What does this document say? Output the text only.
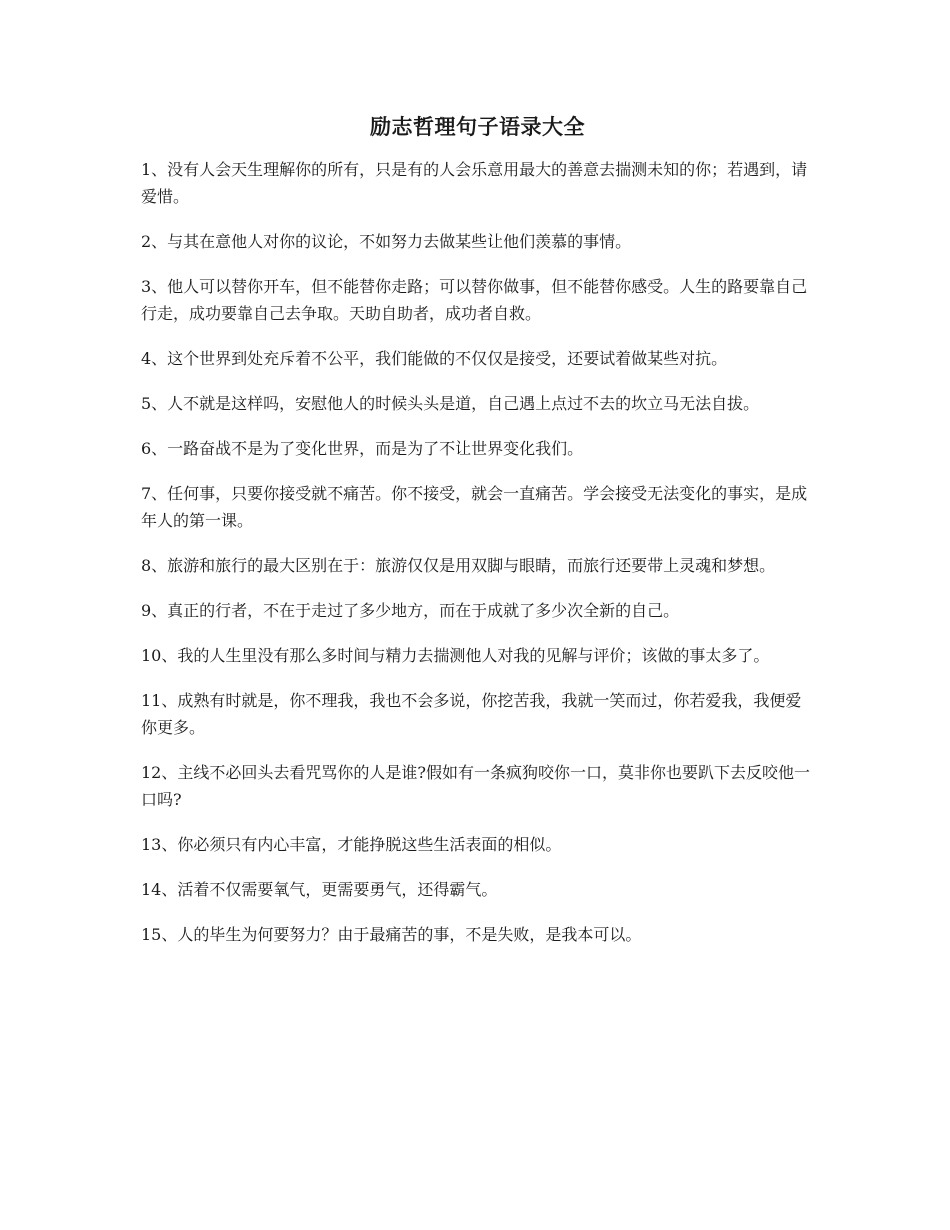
励志哲理句子语录大全

1、没有人会天生理解你的所有，只是有的人会乐意用最大的善意去揣测未知的你；若遇到，请爱惜。

2、与其在意他人对你的议论，不如努力去做某些让他们羡慕的事情。

3、他人可以替你开车，但不能替你走路；可以替你做事，但不能替你感受。人生的路要靠自己行走，成功要靠自己去争取。天助自助者，成功者自救。

4、这个世界到处充斥着不公平，我们能做的不仅仅是接受，还要试着做某些对抗。

5、人不就是这样吗，安慰他人的时候头头是道，自己遇上点过不去的坎立马无法自拔。

6、一路奋战不是为了变化世界，而是为了不让世界变化我们。

7、任何事，只要你接受就不痛苦。你不接受，就会一直痛苦。学会接受无法变化的事实，是成年人的第一课。

8、旅游和旅行的最大区别在于：旅游仅仅是用双脚与眼睛，而旅行还要带上灵魂和梦想。

9、真正的行者，不在于走过了多少地方，而在于成就了多少次全新的自己。

10、我的人生里没有那么多时间与精力去揣测他人对我的见解与评价；该做的事太多了。

11、成熟有时就是，你不理我，我也不会多说，你挖苦我，我就一笑而过，你若爱我，我便爱你更多。

12、主线不必回头去看咒骂你的人是谁?假如有一条疯狗咬你一口，莫非你也要趴下去反咬他一口吗?

13、你必须只有内心丰富，才能挣脱这些生活表面的相似。

14、活着不仅需要氧气，更需要勇气，还得霸气。

15、人的毕生为何要努力？由于最痛苦的事，不是失败，是我本可以。
